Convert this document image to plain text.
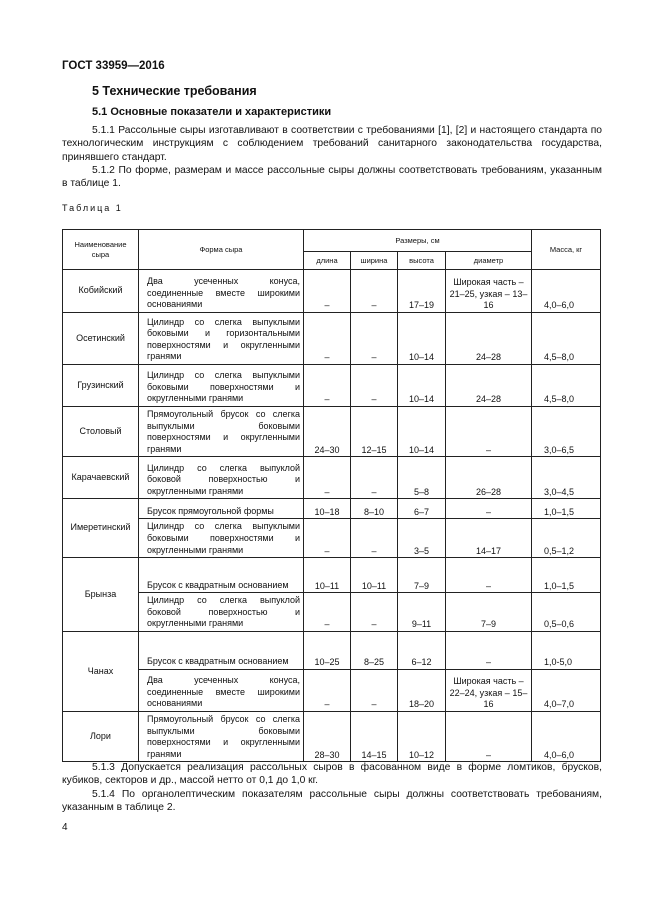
ГОСТ 33959—2016
5 Технические требования
5.1 Основные показатели и характеристики
5.1.1 Рассольные сыры изготавливают в соответствии с требованиями [1], [2] и настоящего стандарта по технологическим инструкциям с соблюдением требований санитарного законодательства государства, принявшего стандарт.
5.1.2 По форме, размерам и массе рассольные сыры должны соответствовать требованиям, указанным в таблице 1.
Таблица 1
Наименование сыра	Форма сыра	Размеры, см				Масса, кг
		длина	ширина	высота	диаметр	
Кобийский	Два усеченных конуса, соединенные вместе широкими основаниями	–	–	17–19	Широкая часть – 21–25, узкая – 13–16	4,0–6,0
Осетинский	Цилиндр со слегка выпуклыми боковыми и горизонтальными поверхностями и округленными гранями	–	–	10–14	24–28	4,5–8,0
Грузинский	Цилиндр со слегка выпуклыми боковыми поверхностями и округленными гранями	–	–	10–14	24–28	4,5–8,0
Столовый	Прямоугольный брусок со слегка выпуклыми боковыми поверхностями и округленными гранями	24–30	12–15	10–14	–	3,0–6,5
Карачаевский	Цилиндр со слегка выпуклой боковой поверхностью и округленными гранями	–	–	5–8	26–28	3,0–4,5
Имеретинский	Брусок прямоугольной формы	10–18	8–10	6–7	–	1,0–1,5
	Цилиндр со слегка выпуклыми боковыми поверхностями и округленными гранями	–	–	3–5	14–17	0,5–1,2
Брынза	Брусок с квадратным основанием	10–11	10–11	7–9	–	1,0–1,5
	Цилиндр со слегка выпуклой боковой поверхностью и округленными гранями	–	–	9–11	7–9	0,5–0,6
Чанах	Брусок с квадратным основанием	10–25	8–25	6–12	–	1,0-5,0
	Два усеченных конуса, соединенные вместе широкими основаниями	–	–	18–20	Широкая часть – 22–24, узкая – 15–16	4,0–7,0
Лори	Прямоугольный брусок со слегка выпуклыми боковыми поверхностями и округленными гранями	28–30	14–15	10–12	–	4,0–6,0
5.1.3 Допускается реализация рассольных сыров в фасованном виде в форме ломтиков, брусков, кубиков, секторов и др., массой нетто от 0,1 до 1,0 кг.
5.1.4 По органолептическим показателям рассольные сыры должны соответствовать требованиям, указанным в таблице 2.
4
